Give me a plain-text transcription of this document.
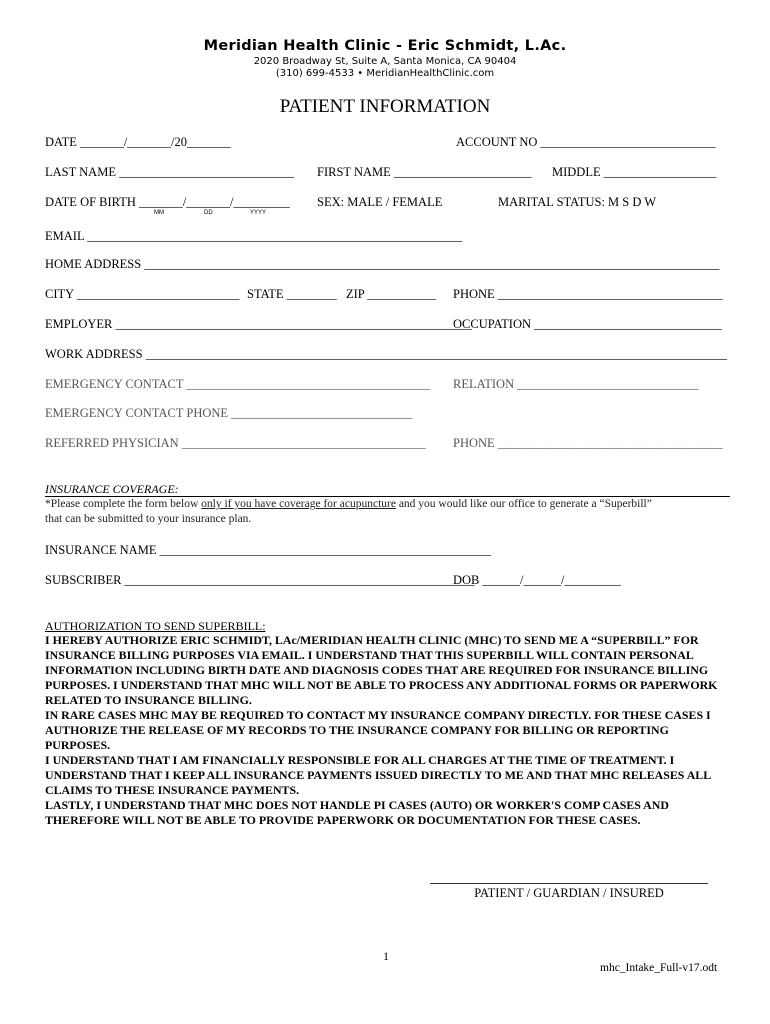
Meridian Health Clinic - Eric Schmidt, L.Ac.
2020 Broadway St, Suite A, Santa Monica, CA 90404
(310) 699-4533 • MeridianHealthClinic.com
PATIENT INFORMATION
DATE _______/_______/20_______	ACCOUNT NO ____________________________
LAST NAME ____________________________ FIRST NAME ______________________ MIDDLE __________________
DATE OF BIRTH _______/_______/_________
MM	DD	YYYY
SEX: MALE / FEMALE	MARITAL STATUS: M S D W
EMAIL ____________________________________________________________
HOME ADDRESS ____________________________________________________________________________________________
CITY __________________________ STATE ________ ZIP ___________ PHONE ____________________________________
EMPLOYER _________________________________________________________
OCCUPATION ______________________________
WORK ADDRESS _____________________________________________________________________________________________
EMERGENCY CONTACT _______________________________________ RELATION _____________________________
EMERGENCY CONTACT PHONE _____________________________
REFERRED PHYSICIAN _______________________________________ PHONE ____________________________________
INSURANCE COVERAGE:
*Please complete the form below only if you have coverage for acupuncture and you would like our office to generate a “Superbill”
that can be submitted to your insurance plan.
INSURANCE NAME _____________________________________________________
SUBSCRIBER ________________________________________________________
DOB ______/______/_________
AUTHORIZATION TO SEND SUPERBILL:

I HEREBY AUTHORIZE ERIC SCHMIDT, LAc/MERIDIAN HEALTH CLINIC (MHC) TO SEND ME A “SUPERBILL” FOR INSURANCE BILLING PURPOSES VIA EMAIL. I UNDERSTAND THAT THIS SUPERBILL WILL CONTAIN PERSONAL INFORMATION INCLUDING BIRTH DATE AND DIAGNOSIS CODES THAT ARE REQUIRED FOR INSURANCE BILLING PURPOSES. I UNDERSTAND THAT MHC WILL NOT BE ABLE TO PROCESS ANY ADDITIONAL FORMS OR PAPERWORK RELATED TO INSURANCE BILLING.

IN RARE CASES MHC MAY BE REQUIRED TO CONTACT MY INSURANCE COMPANY DIRECTLY. FOR THESE CASES I AUTHORIZE THE RELEASE OF MY RECORDS TO THE INSURANCE COMPANY FOR BILLING OR REPORTING PURPOSES.

I UNDERSTAND THAT I AM FINANCIALLY RESPONSIBLE FOR ALL CHARGES AT THE TIME OF TREATMENT. I UNDERSTAND THAT I KEEP ALL INSURANCE PAYMENTS ISSUED DIRECTLY TO ME AND THAT MHC RELEASES ALL CLAIMS TO THESE INSURANCE PAYMENTS.

LASTLY, I UNDERSTAND THAT MHC DOES NOT HANDLE PI CASES (AUTO) OR WORKER'S COMP CASES AND THEREFORE WILL NOT BE ABLE TO PROVIDE PAPERWORK OR DOCUMENTATION FOR THESE CASES.

PATIENT / GUARDIAN / INSURED
1
mhc_Intake_Full-v17.odt
